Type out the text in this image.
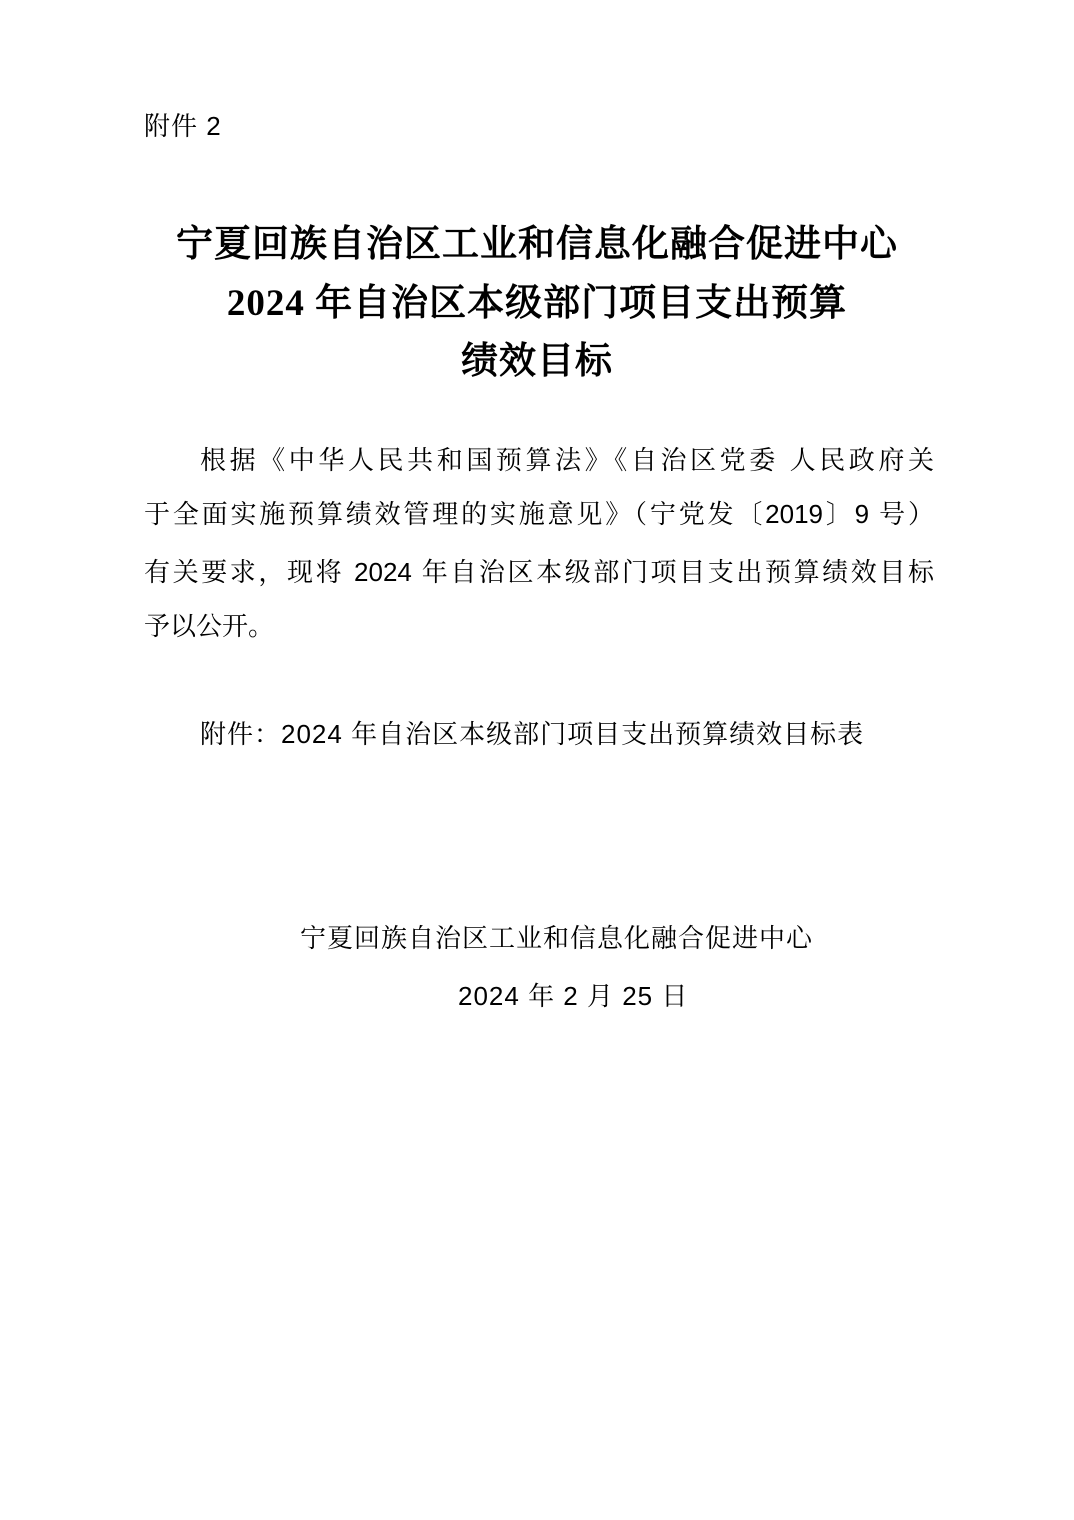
附件 2
宁夏回族自治区工业和信息化融合促进中心
2024 年自治区本级部门项目支出预算
绩效目标
根据《中华人民共和国预算法》《自治区党委 人民政府关
于全面实施预算绩效管理的实施意见》（宁党发〔2019〕9 号）
有关要求，现将 2024 年自治区本级部门项目支出预算绩效目标
予以公开。
附件：2024 年自治区本级部门项目支出预算绩效目标表
宁夏回族自治区工业和信息化融合促进中心
2024 年 2 月 25 日
